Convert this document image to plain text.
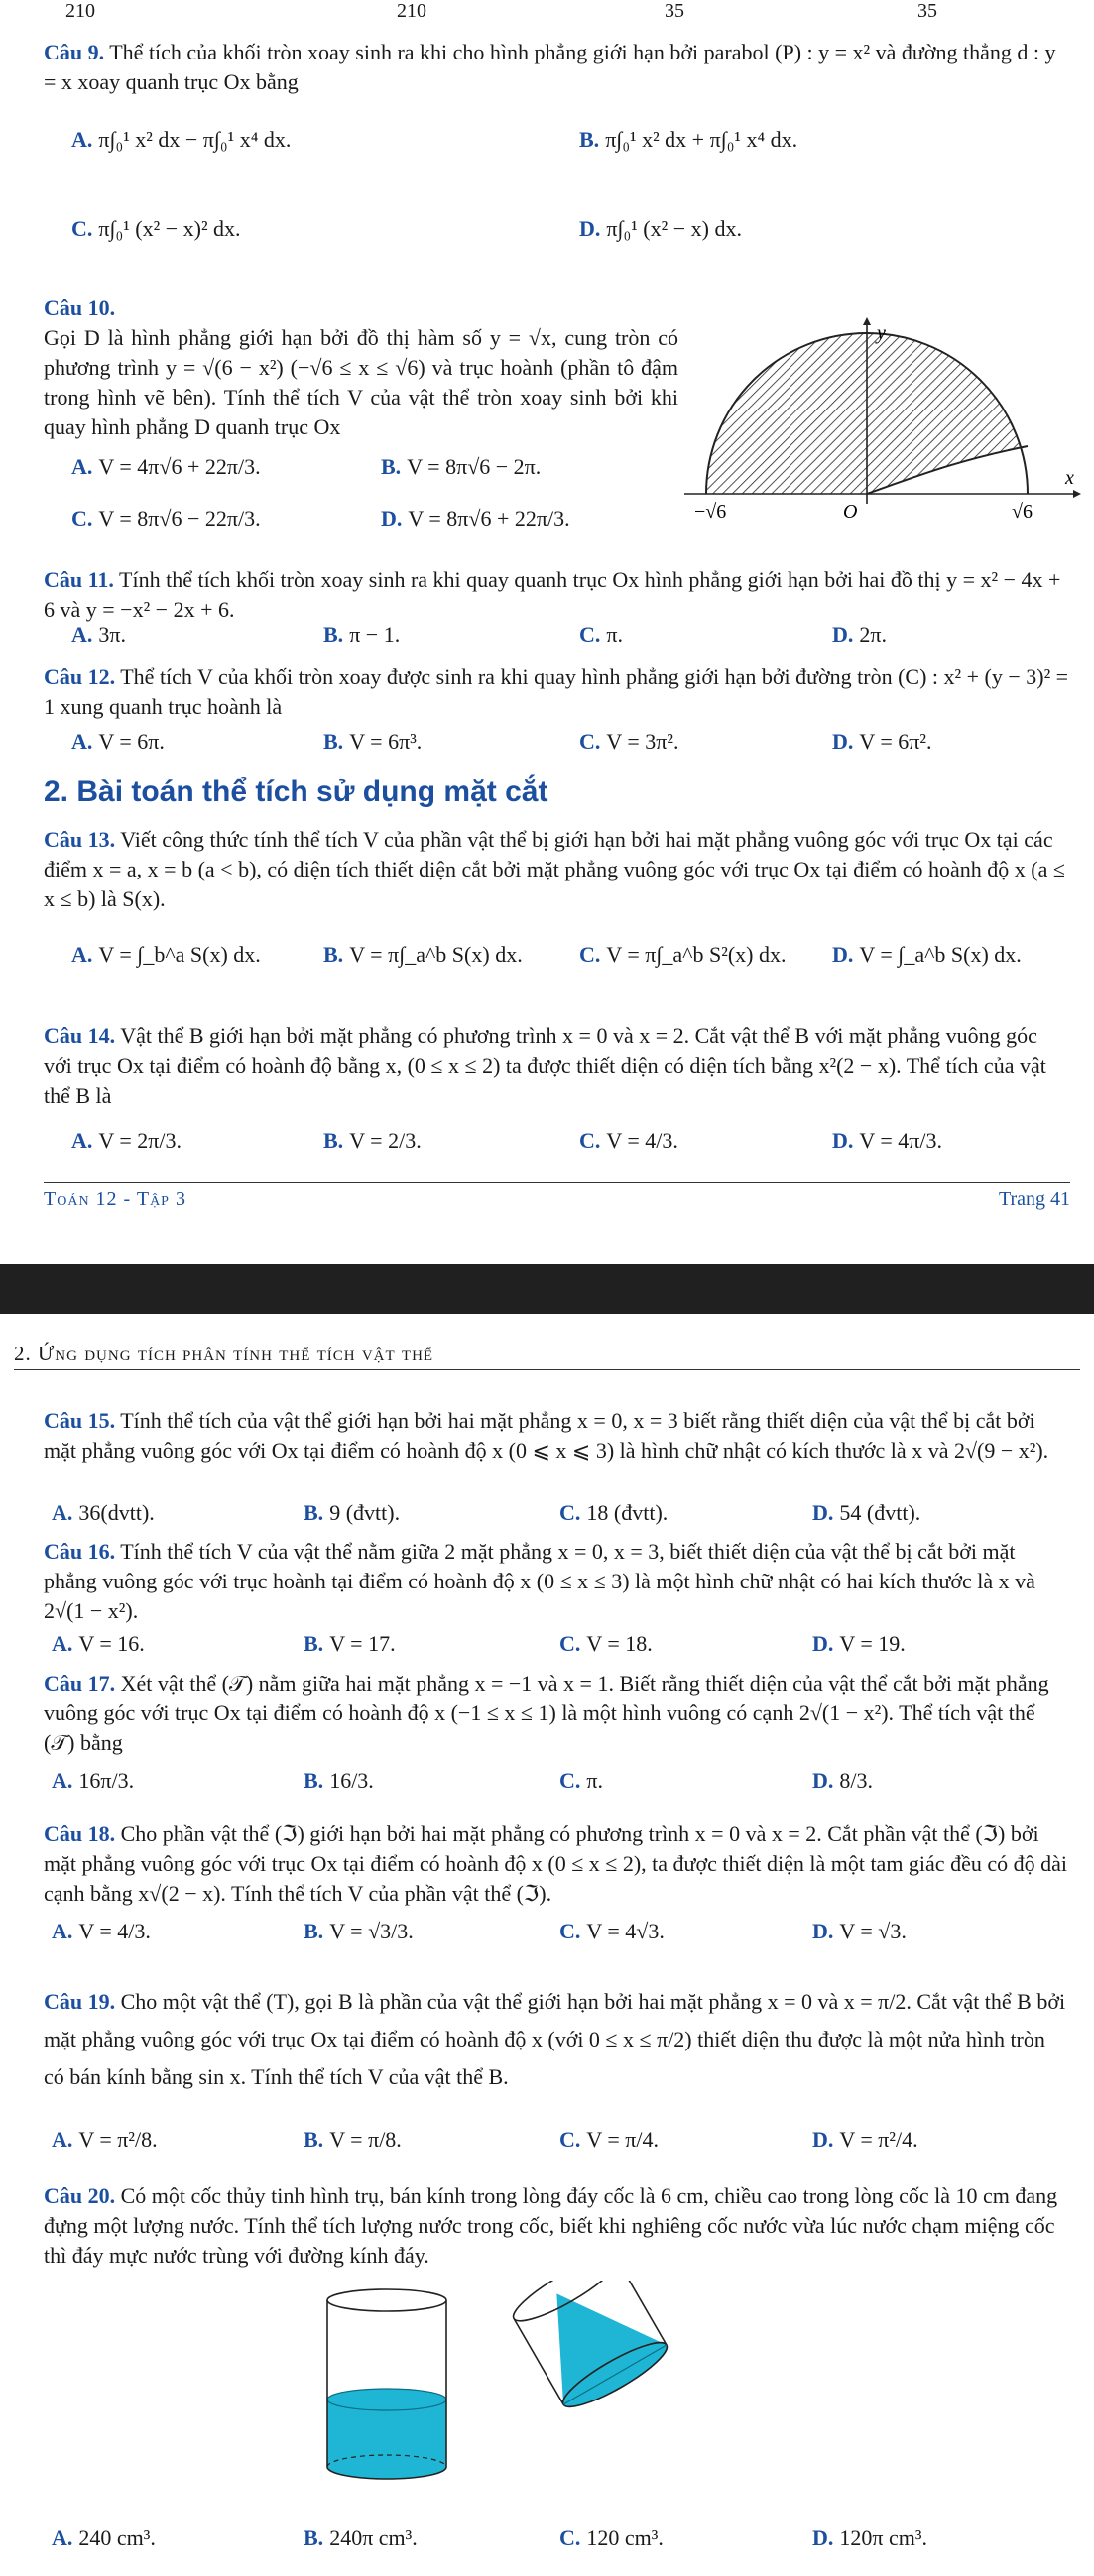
210	210	35	35
Câu 9. Thể tích của khối tròn xoay sinh ra khi cho hình phẳng giới hạn bởi parabol (P) : y = x² và đường thẳng d : y = x xoay quanh trục Ox bằng
A. π∫₀¹ x² dx − π∫₀¹ x⁴ dx.	B. π∫₀¹ x² dx + π∫₀¹ x⁴ dx.
C. π∫₀¹ (x² − x)² dx.	D. π∫₀¹ (x² − x) dx.
Câu 10.
Gọi D là hình phẳng giới hạn bởi đồ thị hàm số y = √x, cung tròn có phương trình y = √(6 − x²) (−√6 ≤ x ≤ √6) và trục hoành (phần tô đậm trong hình vẽ bên). Tính thể tích V của vật thể tròn xoay sinh bởi khi quay hình phẳng D quanh trục Ox
A. V = 4π√6 + 22π/3.	B. V = 8π√6 − 2π.
C. V = 8π√6 − 22π/3.	D. V = 8π√6 + 22π/3.
y
x
O
−√6	√6
Câu 11. Tính thể tích khối tròn xoay sinh ra khi quay quanh trục Ox hình phẳng giới hạn bởi hai đồ thị y = x² − 4x + 6 và y = −x² − 2x + 6.
A. 3π.	B. π − 1.	C. π.	D. 2π.
Câu 12. Thể tích V của khối tròn xoay được sinh ra khi quay hình phẳng giới hạn bởi đường tròn (C) : x² + (y − 3)² = 1 xung quanh trục hoành là
A. V = 6π.	B. V = 6π³.	C. V = 3π².	D. V = 6π².
2. Bài toán thể tích sử dụng mặt cắt
Câu 13. Viết công thức tính thể tích V của phần vật thể bị giới hạn bởi hai mặt phẳng vuông góc với trục Ox tại các điểm x = a, x = b (a < b), có diện tích thiết diện cắt bởi mặt phẳng vuông góc với trục Ox tại điểm có hoành độ x (a ≤ x ≤ b) là S(x).
A. V = ∫_b^a S(x) dx.	B. V = π∫_a^b S(x) dx.	C. V = π∫_a^b S²(x) dx. D. V = ∫_a^b S(x) dx.
Câu 14. Vật thể B giới hạn bởi mặt phẳng có phương trình x = 0 và x = 2. Cắt vật thể B với mặt phẳng vuông góc với trục Ox tại điểm có hoành độ bằng x, (0 ≤ x ≤ 2) ta được thiết diện có diện tích bằng x²(2 − x). Thể tích của vật thể B là
A. V = 2π/3.	B. V = 2/3.	C. V = 4/3.	D. V = 4π/3.
Toán 12 - Tập 3	Trang 41
2. Ứng dụng tích phân tính thể tích vật thể
Câu 15. Tính thể tích của vật thể giới hạn bởi hai mặt phẳng x = 0, x = 3 biết rằng thiết diện của vật thể bị cắt bởi mặt phẳng vuông góc với Ox tại điểm có hoành độ x (0 ⩽ x ⩽ 3) là hình chữ nhật có kích thước là x và 2√(9 − x²).
A. 36(dvtt).	B. 9 (đvtt).	C. 18 (đvtt).	D. 54 (đvtt).
Câu 16. Tính thể tích V của vật thể nằm giữa 2 mặt phẳng x = 0, x = 3, biết thiết diện của vật thể bị cắt bởi mặt phẳng vuông góc với trục hoành tại điểm có hoành độ x (0 ≤ x ≤ 3) là một hình chữ nhật có hai kích thước là x và 2√(1 − x²).
A. V = 16.	B. V = 17.	C. V = 18.	D. V = 19.
Câu 17. Xét vật thể (𝒯) nằm giữa hai mặt phẳng x = −1 và x = 1. Biết rằng thiết diện của vật thể cắt bởi mặt phẳng vuông góc với trục Ox tại điểm có hoành độ x (−1 ≤ x ≤ 1) là một hình vuông có cạnh 2√(1 − x²). Thể tích vật thể (𝒯) bằng
A. 16π/3.	B. 16/3.	C. π.	D. 8/3.
Câu 18. Cho phần vật thể (ℑ) giới hạn bởi hai mặt phẳng có phương trình x = 0 và x = 2. Cắt phần vật thể (ℑ) bởi mặt phẳng vuông góc với trục Ox tại điểm có hoành độ x (0 ≤ x ≤ 2), ta được thiết diện là một tam giác đều có độ dài cạnh bằng x√(2 − x). Tính thể tích V của phần vật thể (ℑ).
A. V = 4/3.	B. V = √3/3.	C. V = 4√3.	D. V = √3.
Câu 19. Cho một vật thể (T), gọi B là phần của vật thể giới hạn bởi hai mặt phẳng x = 0 và x = π/2. Cắt vật thể B bởi mặt phẳng vuông góc với trục Ox tại điểm có hoành độ x (với 0 ≤ x ≤ π/2) thiết diện thu được là một nửa hình tròn có bán kính bằng sin x. Tính thể tích V của vật thể B.
A. V = π²/8.	B. V = π/8.	C. V = π/4.	D. V = π²/4.
Câu 20. Có một cốc thủy tinh hình trụ, bán kính trong lòng đáy cốc là 6 cm, chiều cao trong lòng cốc là 10 cm đang đựng một lượng nước. Tính thể tích lượng nước trong cốc, biết khi nghiêng cốc nước vừa lúc nước chạm miệng cốc thì đáy mực nước trùng với đường kính đáy.
A. 240 cm³.	B. 240π cm³.	C. 120 cm³.	D. 120π cm³.
